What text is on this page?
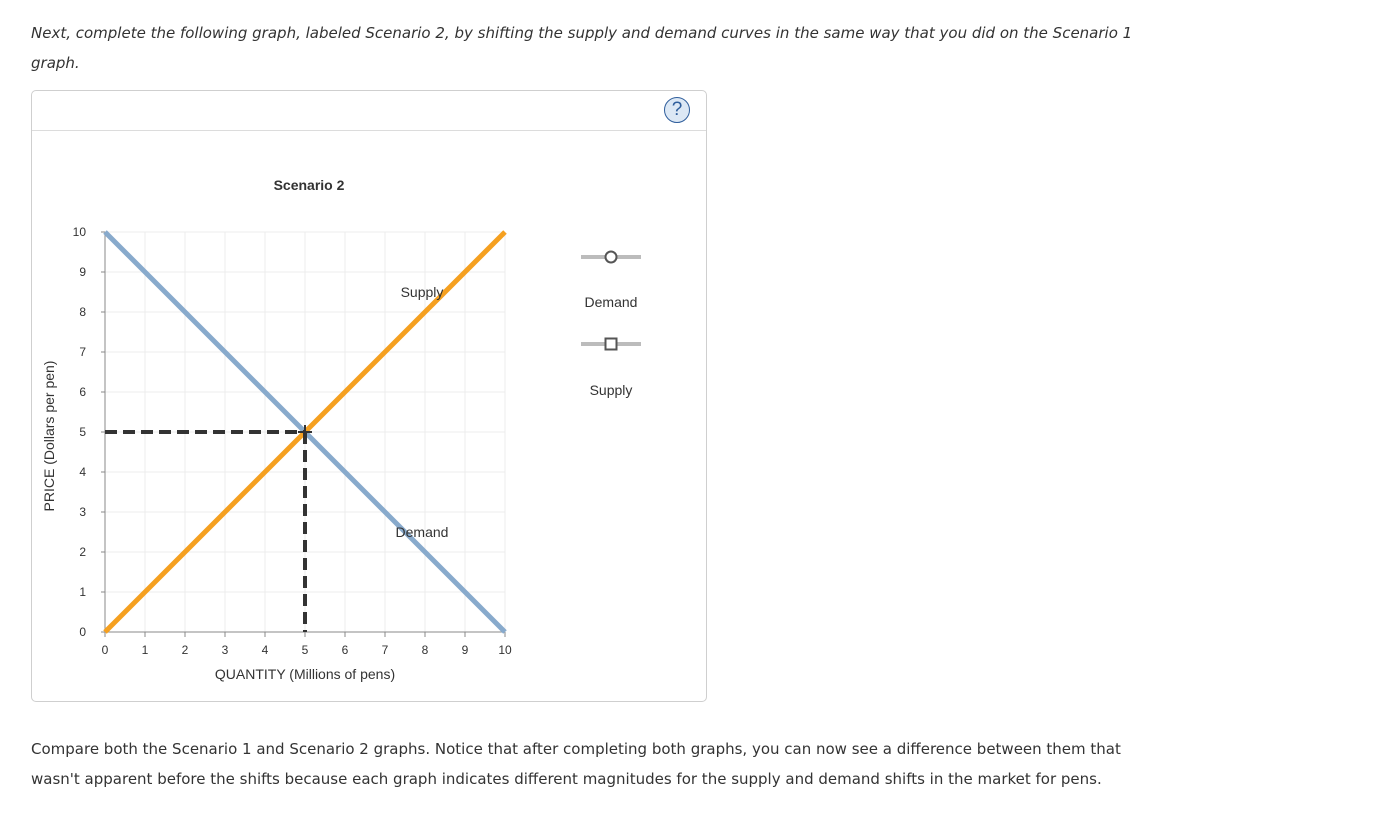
Next, complete the following graph, labeled Scenario 2, by shifting the supply and demand curves in the same way that you did on the Scenario 1 graph.
?
Scenario 2
0	1	2	3	4	5	6	7	8	9 10
0
1
2
3
4
5
6
7
8
9
10
Demand
Supply
QUANTITY (Millions of pens)
PRICE (Dollars per pen)
Demand
Supply
Compare both the Scenario 1 and Scenario 2 graphs. Notice that after completing both graphs, you can now see a difference between them that wasn't apparent before the shifts because each graph indicates different magnitudes for the supply and demand shifts in the market for pens.
